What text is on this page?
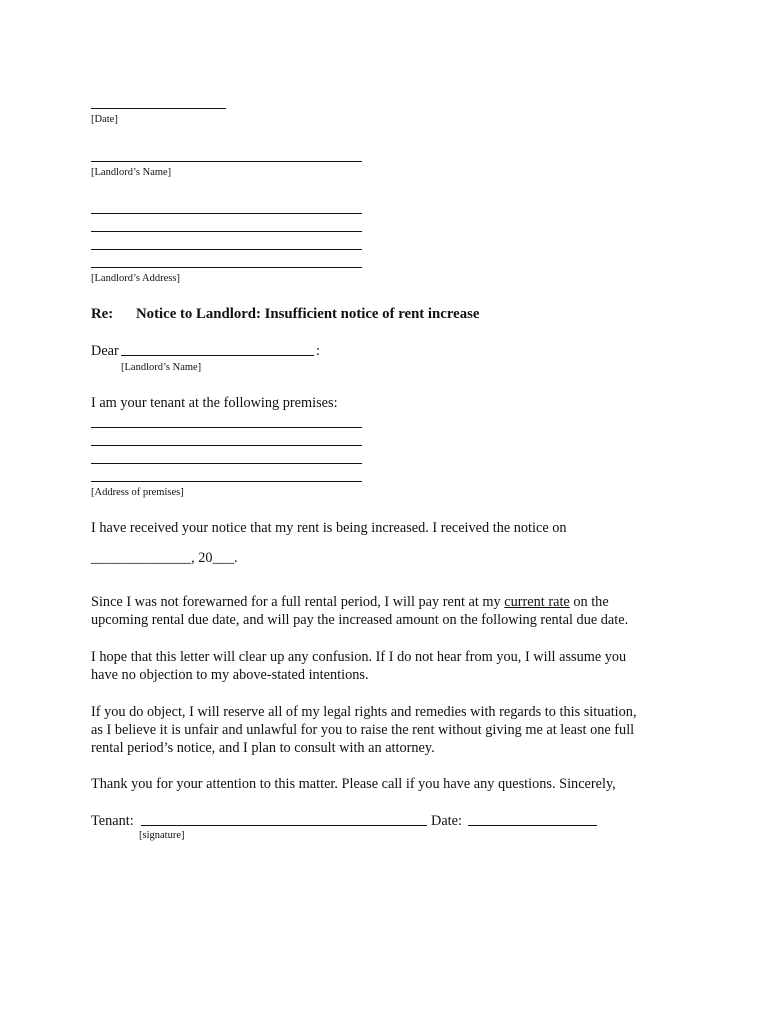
[Date]
[Landlord’s Name]
[Landlord’s Address]
Re: Notice to Landlord: Insufficient notice of rent increase
Dear	:
[Landlord’s Name]
I am your tenant at the following premises:
[Address of premises]
I have received your notice that my rent is being increased. I received the notice on
______________, 20___.
Since I was not forewarned for a full rental period, I will pay rent at my current rate on the
upcoming rental due date, and will pay the increased amount on the following rental due date.
I hope that this letter will clear up any confusion. If I do not hear from you, I will assume you
have no objection to my above-stated intentions.
If you do object, I will reserve all of my legal rights and remedies with regards to this situation,
as I believe it is unfair and unlawful for you to raise the rent without giving me at least one full
rental period’s notice, and I plan to consult with an attorney.
Thank you for your attention to this matter. Please call if you have any questions. Sincerely,
Tenant:	Date:
[signature]
